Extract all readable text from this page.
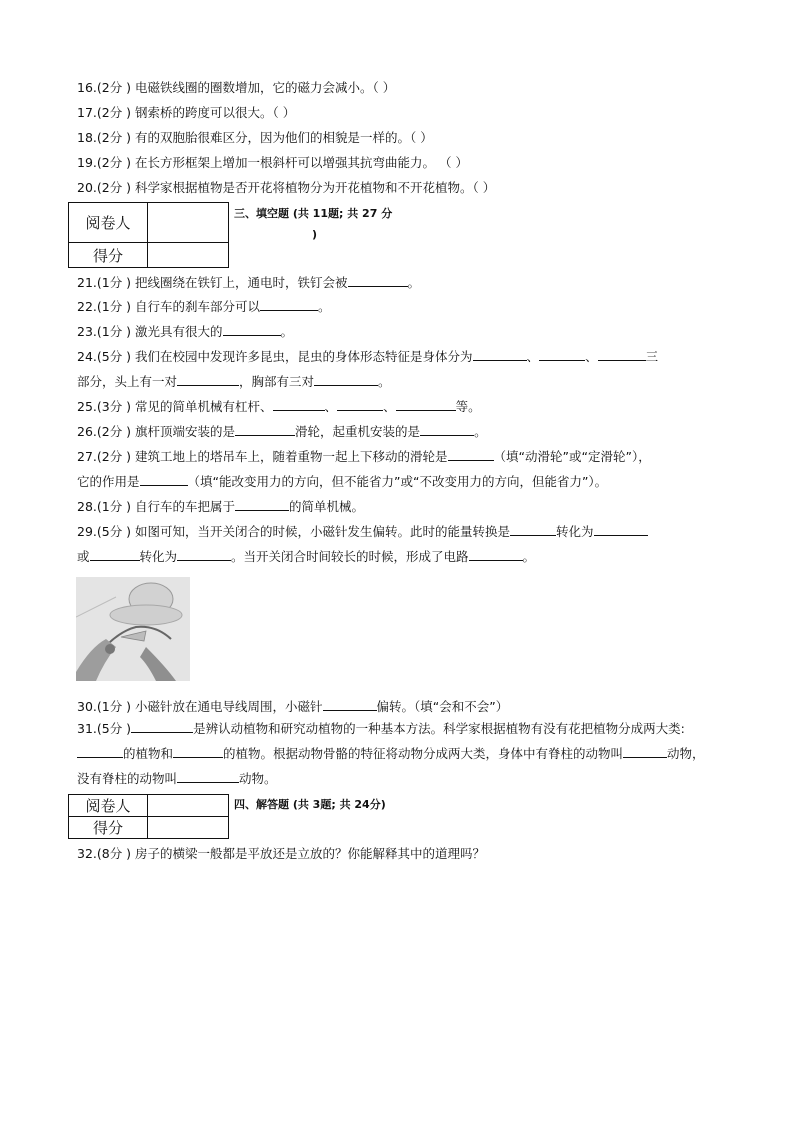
16.(2分 ) 电磁铁线圈的圈数增加，它的磁力会减小。（ ）
17.(2分 ) 钢索桥的跨度可以很大。（ ）
18.(2分 ) 有的双胞胎很难区分，因为他们的相貌是一样的。（ ）
19.(2分 ) 在长方形框架上增加一根斜杆可以增强其抗弯曲能力。 （ ）
20.(2分 ) 科学家根据植物是否开花将植物分为开花植物和不开花植物。（ ）
阅卷人	
得分	
三、填空题 (共 11题; 共 27 分
)
21.(1分 ) 把线圈绕在铁钉上，通电时，铁钉会被	。
22.(1分 ) 自行车的刹车部分可以	。
23.(1分 ) 激光具有很大的	。
24.(5分 ) 我们在校园中发现许多昆虫，昆虫的身体形态特征是身体分为	、	、	三
部分，头上有一对	，胸部有三对	。
25.(3分 ) 常见的简单机械有杠杆、	、	、	等。
26.(2分 ) 旗杆顶端安装的是	滑轮，起重机安装的是	。
27.(2分 ) 建筑工地上的塔吊车上，随着重物一起上下移动的滑轮是	（填“动滑轮”或“定滑轮”），
它的作用是	（填“能改变用力的方向，但不能省力”或“不改变用力的方向，但能省力”）。
28.(1分 ) 自行车的车把属于	的简单机械。
29.(5分 ) 如图可知，当开关闭合的时候，小磁针发生偏转。此时的能量转换是	转化为
或	转化为	。当开关闭合时间较长的时候，形成了电路	。
30.(1分 ) 小磁针放在通电导线周围，小磁针	偏转。（填“会和不会”）
31.(5分 )	是辨认动植物和研究动植物的一种基本方法。科学家根据植物有没有花把植物分成两大类: 的植物和	的植物。根据动物骨骼的特征将动物分成两大类，身体中有脊柱的动物叫	动物，没有脊柱的动物叫	动物。
阅卷人	
得分	
四、解答题 (共 3题; 共 24分)
32.(8分 ) 房子的横梁一般都是平放还是立放的？你能解释其中的道理吗？
